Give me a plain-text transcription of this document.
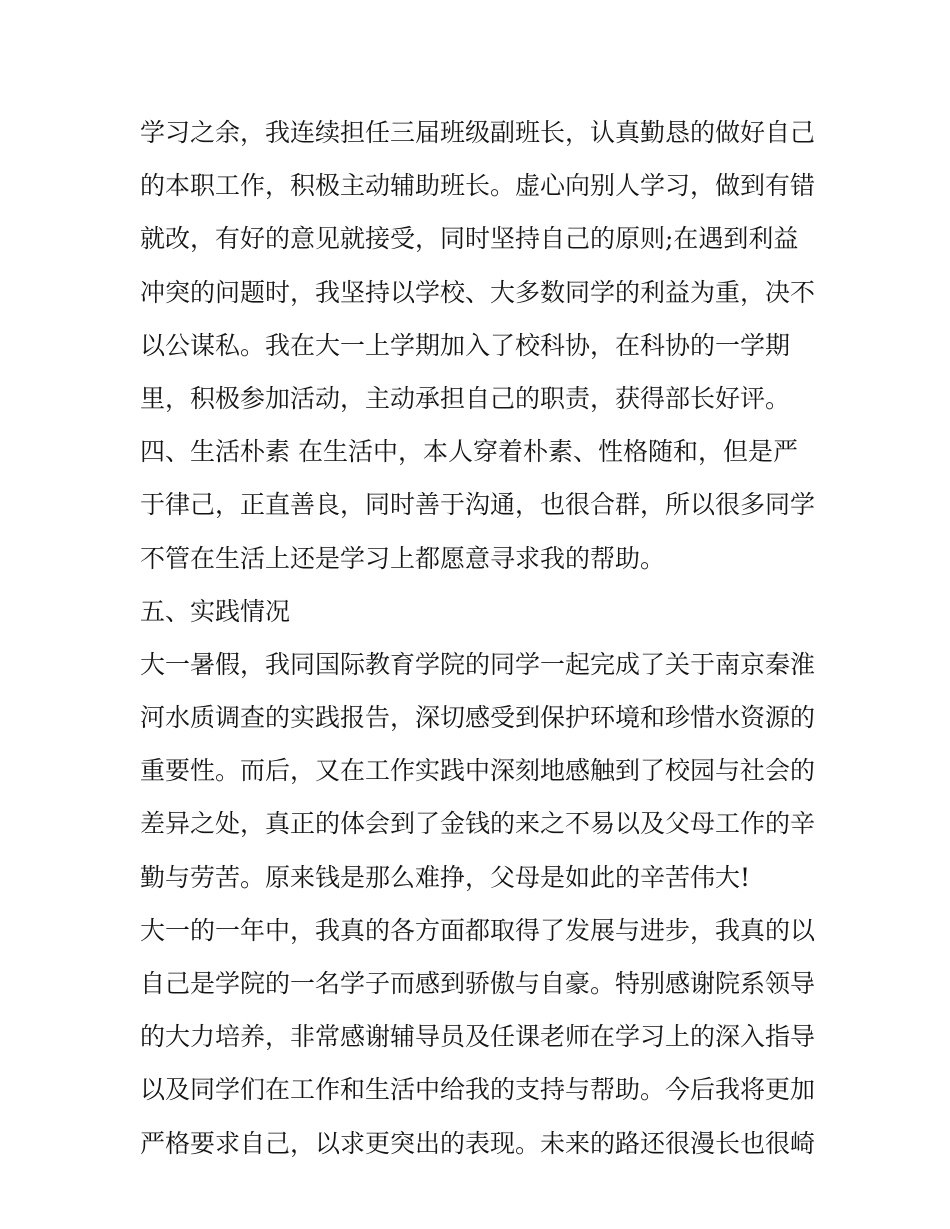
学习之余，我连续担任三届班级副班长，认真勤恳的做好自己
的本职工作，积极主动辅助班长。虚心向别人学习，做到有错
就改，有好的意见就接受，同时坚持自己的原则;在遇到利益
冲突的问题时，我坚持以学校、大多数同学的利益为重，决不
以公谋私。我在大一上学期加入了校科协，在科协的一学期
里，积极参加活动，主动承担自己的职责，获得部长好评。
四、生活朴素 在生活中，本人穿着朴素、性格随和，但是严
于律己，正直善良，同时善于沟通，也很合群，所以很多同学
不管在生活上还是学习上都愿意寻求我的帮助。
五、实践情况
大一暑假，我同国际教育学院的同学一起完成了关于南京秦淮
河水质调查的实践报告，深切感受到保护环境和珍惜水资源的
重要性。而后，又在工作实践中深刻地感触到了校园与社会的
差异之处，真正的体会到了金钱的来之不易以及父母工作的辛
勤与劳苦。原来钱是那么难挣，父母是如此的辛苦伟大!
大一的一年中，我真的各方面都取得了发展与进步，我真的以
自己是学院的一名学子而感到骄傲与自豪。特别感谢院系领导
的大力培养，非常感谢辅导员及任课老师在学习上的深入指导
以及同学们在工作和生活中给我的支持与帮助。今后我将更加
严格要求自己，以求更突出的表现。未来的路还很漫长也很崎
